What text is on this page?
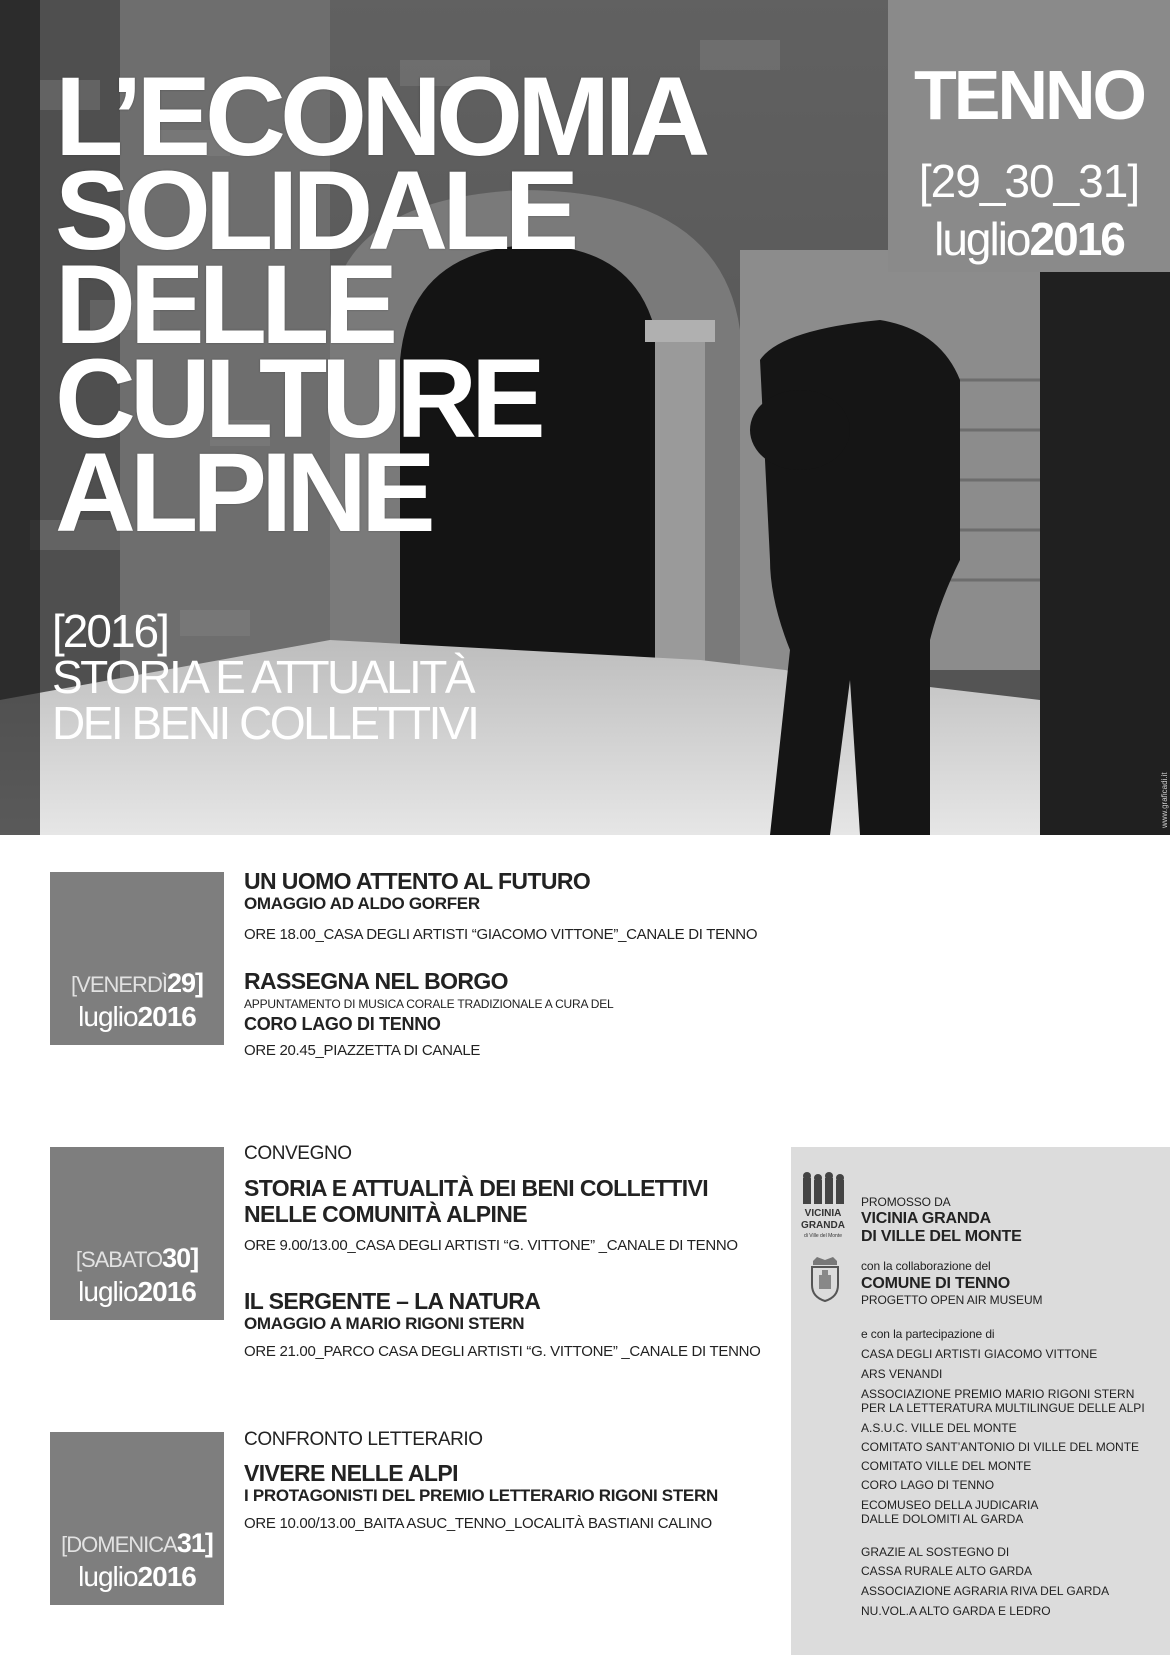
L’ECONOMIA
SOLIDALE
DELLE
CULTURE
ALPINE
[2016]
STORIA E ATTUALITÀ
DEI BENI COLLETTIVI
TENNO
[29_30_31]
luglio2016
www.graficadi.it
[VENERDÌ29]
luglio2016
UN UOMO ATTENTO AL FUTURO
OMAGGIO AD ALDO GORFER
ORE 18.00_CASA DEGLI ARTISTI “GIACOMO VITTONE”_CANALE DI TENNO
RASSEGNA NEL BORGO
APPUNTAMENTO DI MUSICA CORALE TRADIZIONALE A CURA DEL
CORO LAGO DI TENNO
ORE 20.45_PIAZZETTA DI CANALE
[SABATO30]
luglio2016
CONVEGNO
STORIA E ATTUALITÀ DEI BENI COLLETTIVI
NELLE COMUNITÀ ALPINE
ORE 9.00/13.00_CASA DEGLI ARTISTI “G. VITTONE” _CANALE DI TENNO
IL SERGENTE – LA NATURA
OMAGGIO A MARIO RIGONI STERN
ORE 21.00_PARCO CASA DEGLI ARTISTI “G. VITTONE” _CANALE DI TENNO
[DOMENICA31]
luglio2016
CONFRONTO LETTERARIO
VIVERE NELLE ALPI
I PROTAGONISTI DEL PREMIO LETTERARIO RIGONI STERN
ORE 10.00/13.00_BAITA ASUC_TENNO_LOCALITÀ BASTIANI CALINO
VICINIA
GRANDA
di Ville del Monte
PROMOSSO DA
VICINIA GRANDA
DI VILLE DEL MONTE
con la collaborazione del
COMUNE DI TENNO
PROGETTO OPEN AIR MUSEUM
e con la partecipazione di
CASA DEGLI ARTISTI GIACOMO VITTONE
ARS VENANDI
ASSOCIAZIONE PREMIO MARIO RIGONI STERN
PER LA LETTERATURA MULTILINGUE DELLE ALPI
A.S.U.C. VILLE DEL MONTE
COMITATO SANT’ANTONIO DI VILLE DEL MONTE
COMITATO VILLE DEL MONTE
CORO LAGO DI TENNO
ECOMUSEO DELLA JUDICARIA
DALLE DOLOMITI AL GARDA
GRAZIE AL SOSTEGNO DI
CASSA RURALE ALTO GARDA
ASSOCIAZIONE AGRARIA RIVA DEL GARDA
NU.VOL.A ALTO GARDA E LEDRO
